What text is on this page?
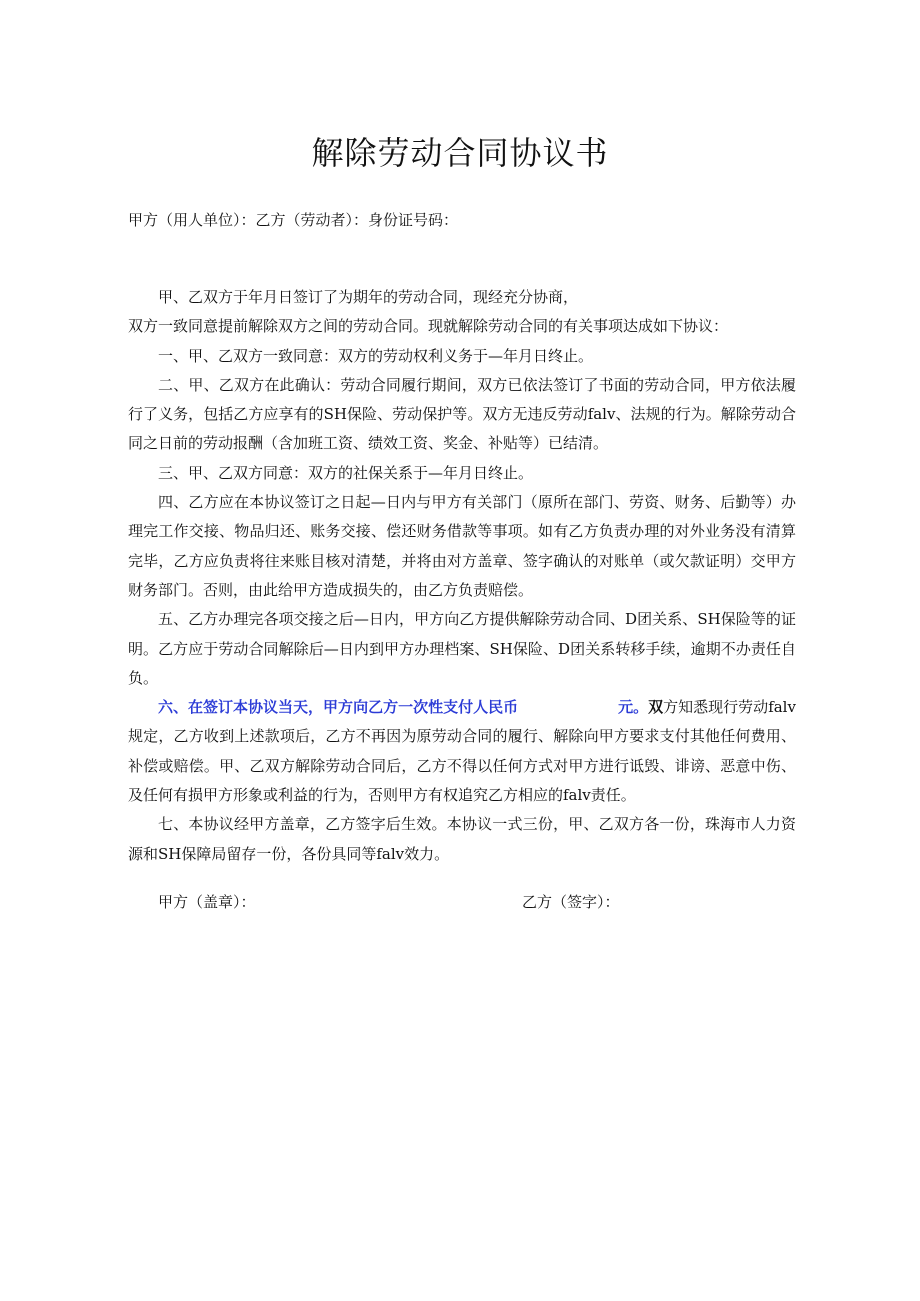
解除劳动合同协议书
甲方（用人单位）：乙方（劳动者）：身份证号码：

甲、乙双方于年月日签订了为期年的劳动合同，现经充分协商，

双方一致同意提前解除双方之间的劳动合同。现就解除劳动合同的有关事项达成如下协议：

一、甲、乙双方一致同意：双方的劳动权利义务于—年月日终止。

二、甲、乙双方在此确认：劳动合同履行期间，双方已依法签订了书面的劳动合同，甲方依法履行了义务，包括乙方应享有的SH保险、劳动保护等。双方无违反劳动falv、法规的行为。解除劳动合同之日前的劳动报酬（含加班工资、绩效工资、奖金、补贴等）已结清。

三、甲、乙双方同意：双方的社保关系于—年月日终止。

四、乙方应在本协议签订之日起—日内与甲方有关部门（原所在部门、劳资、财务、后勤等）办理完工作交接、物品归还、账务交接、偿还财务借款等事项。如有乙方负责办理的对外业务没有清算完毕，乙方应负责将往来账目核对清楚，并将由对方盖章、签字确认的对账单（或欠款证明）交甲方财务部门。否则，由此给甲方造成损失的，由乙方负责赔偿。

五、乙方办理完各项交接之后—日内，甲方向乙方提供解除劳动合同、D团关系、SH保险等的证明。乙方应于劳动合同解除后—日内到甲方办理档案、SH保险、D团关系转移手续，逾期不办责任自负。

六、在签订本协议当天，甲方向乙方一次性支付人民币	元。双方知悉现行劳动falv规定，乙方收到上述款项后，乙方不再因为原劳动合同的履行、解除向甲方要求支付其他任何费用、补偿或赔偿。甲、乙双方解除劳动合同后，乙方不得以任何方式对甲方进行诋毁、诽谤、恶意中伤、及任何有损甲方形象或利益的行为，否则甲方有权追究乙方相应的falv责任。

七、本协议经甲方盖章，乙方签字后生效。本协议一式三份，甲、乙双方各一份，珠海市人力资源和SH保障局留存一份，各份具同等falv效力。

甲方（盖章）：	乙方（签字）：
